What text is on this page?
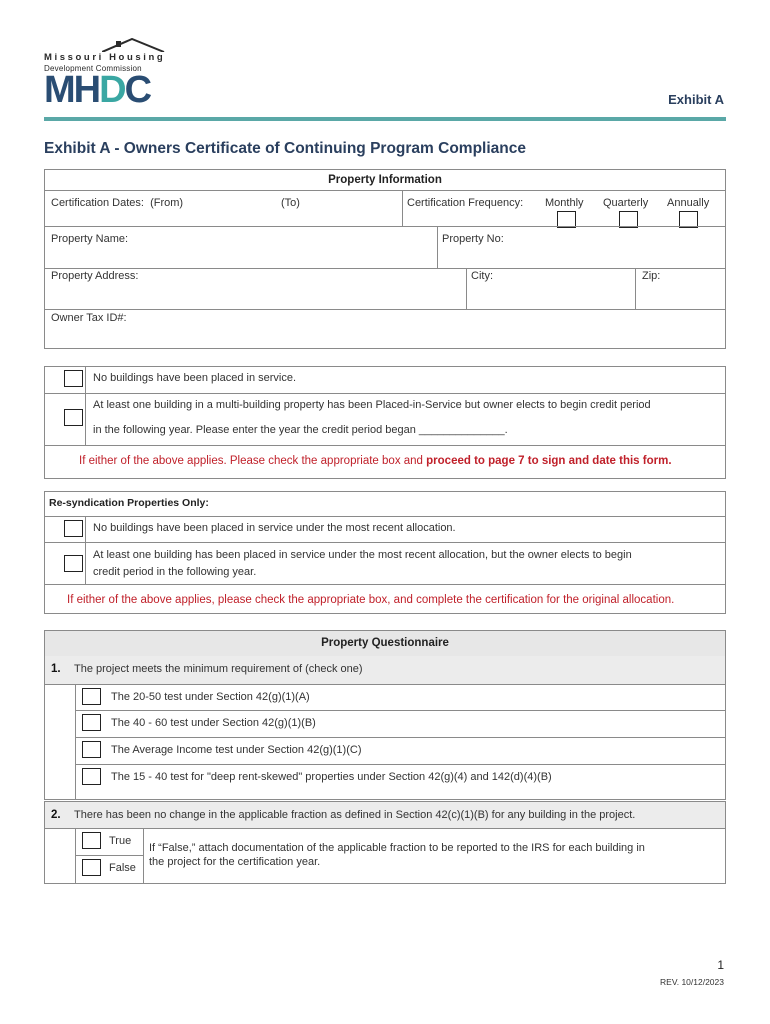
Missouri Housing
Development Commission
MHDC	Exhibit A
Exhibit A - Owners Certificate of Continuing Program Compliance
Property Information
Certification Dates: (From)	(To)	Certification Frequency: Monthly Quarterly Annually
Property Name:	Property No:
Property Address:	City:	Zip:
Owner Tax ID#:
No buildings have been placed in service.
At least one building in a multi-building property has been Placed-in-Service but owner elects to begin credit period
in the following year. Please enter the year the credit period began ______________.
If either of the above applies. Please check the appropriate box and proceed to page 7 to sign and date this form.
Re-syndication Properties Only:
No buildings have been placed in service under the most recent allocation.
At least one building has been placed in service under the most recent allocation, but the owner elects to begin
credit period in the following year.
If either of the above applies, please check the appropriate box, and complete the certification for the original allocation.
Property Questionnaire
1. The project meets the minimum requirement of (check one)
The 20-50 test under Section 42(g)(1)(A)
The 40 - 60 test under Section 42(g)(1)(B)
The Average Income test under Section 42(g)(1)(C)
The 15 - 40 test for "deep rent-skewed" properties under Section 42(g)(4) and 142(d)(4)(B)
2. There has been no change in the applicable fraction as defined in Section 42(c)(1)(B) for any building in the project.
True
False
If “False,” attach documentation of the applicable fraction to be reported to the IRS for each building in
the project for the certification year.
1
REV. 10/12/2023
